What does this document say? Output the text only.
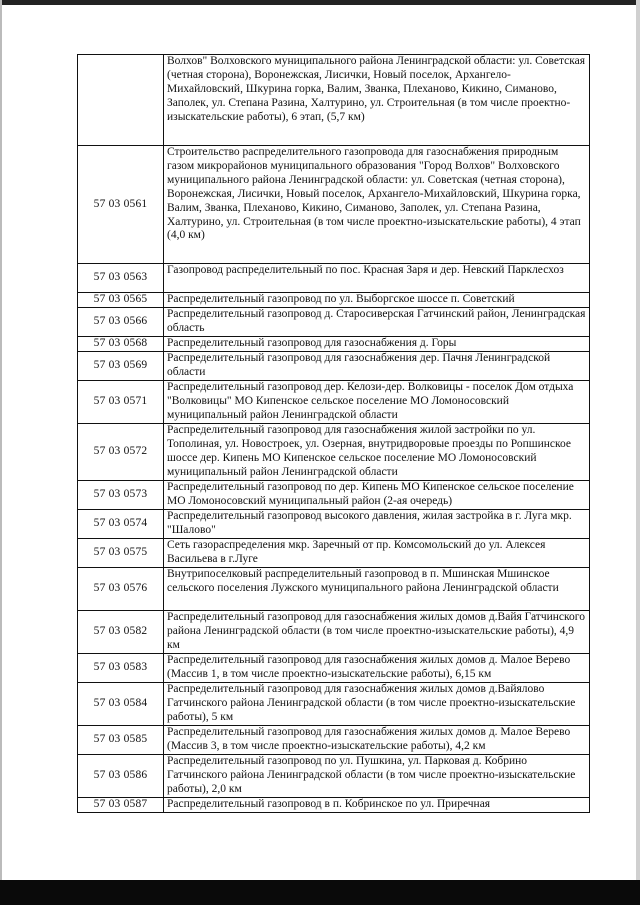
	Волхов" Волховского муниципального района Ленинградской области: ул. Советская (четная сторона), Воронежская, Лисички, Новый поселок, Архангело-Михайловский, Шкурина горка, Валим, Званка, Плеханово, Кикино, Симаново, Заполек, ул. Степана Разина, Халтурино, ул. Строительная (в том числе проектно-изыскательские работы), 6 этап, (5,7 км)
57 03 0561	Строительство распределительного газопровода для газоснабжения природным газом микрорайонов муниципального образования "Город Волхов" Волховского муниципального района Ленинградской области: ул. Советская (четная сторона), Воронежская, Лисички, Новый поселок, Архангело-Михайловский, Шкурина горка, Валим, Званка, Плеханово, Кикино, Симаново, Заполек, ул. Степана Разина, Халтурино, ул. Строительная (в том числе проектно-изыскательские работы), 4 этап (4,0 км)
57 03 0563	Газопровод распределительный по пос. Красная Заря и дер. Невский Парклесхоз
57 03 0565	Распределительный газопровод по ул. Выборгское шоссе п. Советский
57 03 0566	Распределительный газопровод д. Старосиверская Гатчинский район, Ленинградская область
57 03 0568	Распределительный газопровод для газоснабжения д. Горы
57 03 0569	Распределительный газопровод для газоснабжения дер. Пачня Ленинградской области
57 03 0571	Распределительный газопровод дер. Келози-дер. Волковицы - поселок Дом отдыха "Волковицы" МО Кипенское сельское поселение МО Ломоносовский муниципальный район Ленинградской области
57 03 0572	Распределительный газопровод для газоснабжения жилой застройки по ул. Тополиная, ул. Новостроек, ул. Озерная, внутридворовые проезды по Ропшинское шоссе дер. Кипень МО Кипенское сельское поселение МО Ломоносовский муниципальный район Ленинградской области
57 03 0573	Распределительный газопровод по дер. Кипень МО Кипенское сельское поселение МО Ломоносовский муниципальный район (2-ая очередь)
57 03 0574	Распределительный газопровод высокого давления, жилая застройка в г. Луга мкр. "Шалово"
57 03 0575	Сеть газораспределения мкр. Заречный от пр. Комсомольский до ул. Алексея Васильева в г.Луге
57 03 0576	Внутрипоселковый распределительный газопровод в п. Мшинская Мшинское сельского поселения Лужского муниципального района Ленинградской области
57 03 0582	Распределительный газопровод для газоснабжения жилых домов д.Вайя Гатчинского района Ленинградской области (в том числе проектно-изыскательские работы), 4,9 км
57 03 0583	Распределительный газопровод для газоснабжения жилых домов д. Малое Верево (Массив 1, в том числе проектно-изыскательские работы), 6,15 км
57 03 0584	Распределительный газопровод для газоснабжения жилых домов д.Вайялово Гатчинского района Ленинградской области (в том числе проектно-изыскательские работы), 5 км
57 03 0585	Распределительный газопровод для газоснабжения жилых домов д. Малое Верево (Массив 3, в том числе проектно-изыскательские работы), 4,2 км
57 03 0586	Распределительный газопровод по ул. Пушкина, ул. Парковая д. Кобрино Гатчинского района Ленинградской области (в том числе проектно-изыскательские работы), 2,0 км
57 03 0587	Распределительный газопровод в п. Кобринское по ул. Приречная
